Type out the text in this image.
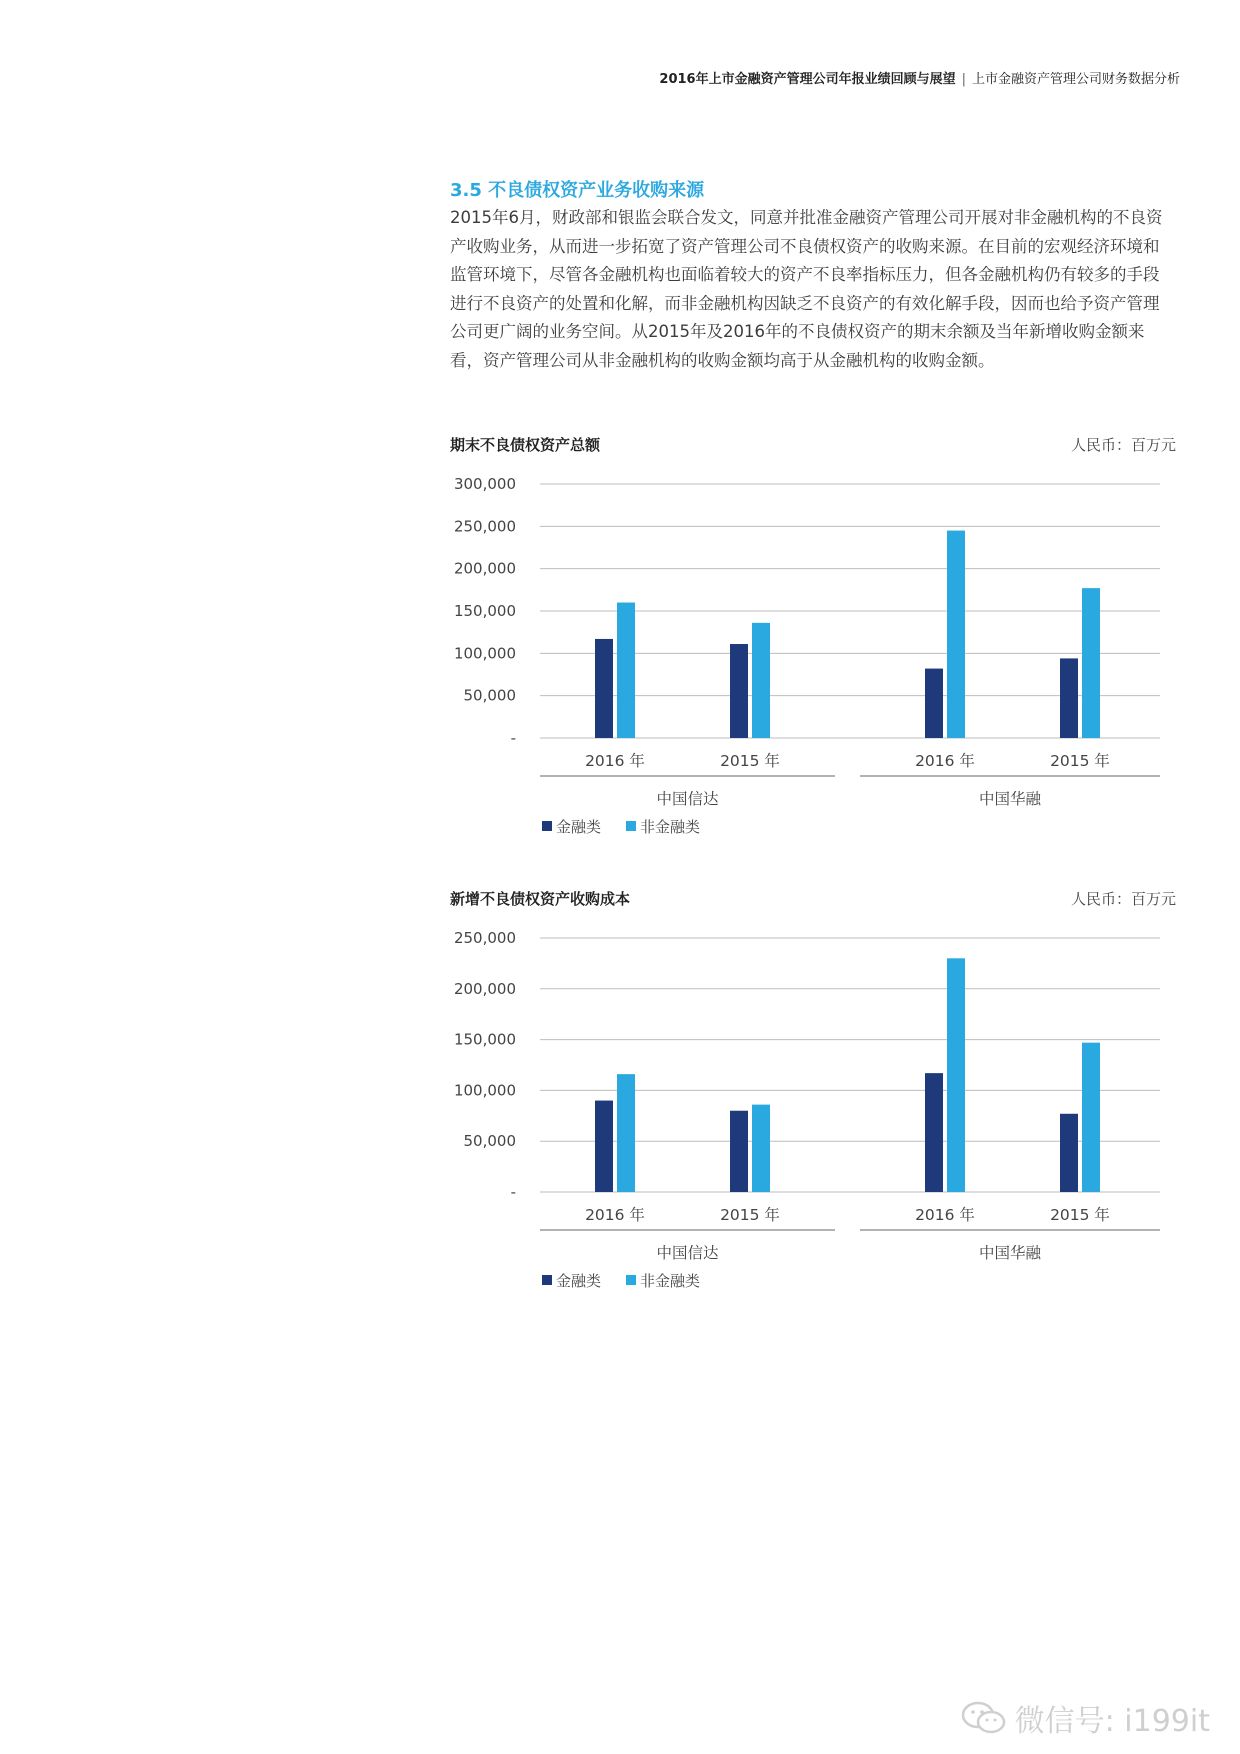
2016年上市金融资产管理公司年报业绩回顾与展望 | 上市金融资产管理公司财务数据分析
3.5 不良债权资产业务收购来源
2015年6月，财政部和银监会联合发文，同意并批准金融资产管理公司开展对非金融机构的不良资产收购业务，从而进一步拓宽了资产管理公司不良债权资产的收购来源。在目前的宏观经济环境和监管环境下，尽管各金融机构也面临着较大的资产不良率指标压力，但各金融机构仍有较多的手段进行不良资产的处置和化解，而非金融机构因缺乏不良资产的有效化解手段，因而也给予资产管理公司更广阔的业务空间。从2015年及2016年的不良债权资产的期末余额及当年新增收购金额来看，资产管理公司从非金融机构的收购金额均高于从金融机构的收购金额。
期末不良债权资产总额	人民币：百万元
300,000
250,000
200,000
150,000
100,000
50,000
-
2016 年	2015 年	2016 年	2015 年
中国信达	中国华融
金融类	非金融类
新增不良债权资产收购成本	人民币：百万元
250,000
200,000
150,000
100,000
50,000
-
2016 年	2015 年	2016 年	2015 年
中国信达	中国华融
金融类	非金融类
微信号: i199it
